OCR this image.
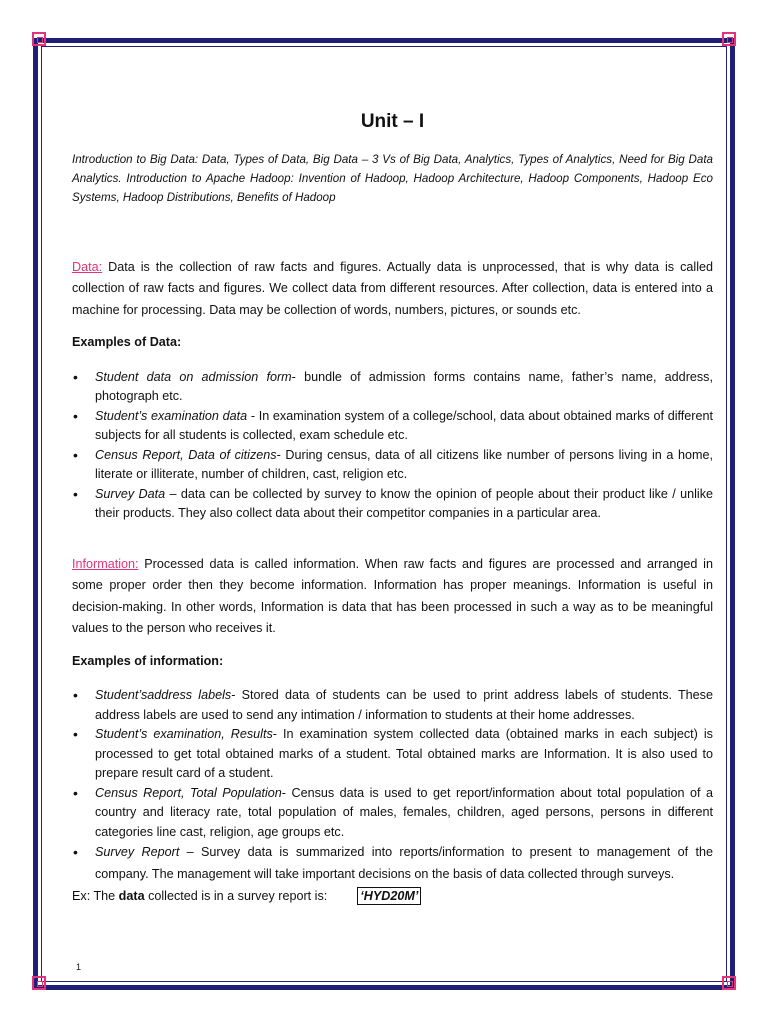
Unit – I

Introduction to Big Data: Data, Types of Data, Big Data – 3 Vs of Big Data, Analytics, Types of Analytics, Need for Big Data Analytics. Introduction to Apache Hadoop: Invention of Hadoop, Hadoop Architecture, Hadoop Components, Hadoop Eco Systems, Hadoop Distributions, Benefits of Hadoop

Data: Data is the collection of raw facts and figures. Actually data is unprocessed, that is why data is called collection of raw facts and figures. We collect data from different resources. After collection, data is entered into a machine for processing. Data may be collection of words, numbers, pictures, or sounds etc.

Examples of Data:

• Student data on admission form- bundle of admission forms contains name, father’s name, address, photograph etc.
• Student’s examination data - In examination system of a college/school, data about obtained marks of different subjects for all students is collected, exam schedule etc.
• Census Report, Data of citizens- During census, data of all citizens like number of persons living in a home, literate or illiterate, number of children, cast, religion etc.
• Survey Data – data can be collected by survey to know the opinion of people about their product like / unlike their products. They also collect data about their competitor companies in a particular area.

Information: Processed data is called information. When raw facts and figures are processed and arranged in some proper order then they become information. Information has proper meanings. Information is useful in decision-making. In other words, Information is data that has been processed in such a way as to be meaningful values to the person who receives it.

Examples of information:

• Student’saddress labels- Stored data of students can be used to print address labels of students. These address labels are used to send any intimation / information to students at their home addresses.
• Student’s examination, Results- In examination system collected data (obtained marks in each subject) is processed to get total obtained marks of a student. Total obtained marks are Information. It is also used to prepare result card of a student.
• Census Report, Total Population- Census data is used to get report/information about total population of a country and literacy rate, total population of males, females, children, aged persons, persons in different categories line cast, religion, age groups etc.
• Survey Report – Survey data is summarized into reports/information to present to management of the company. The management will take important decisions on the basis of data collected through surveys.

Ex: The data collected is in a survey report is:	‘HYD20M’

1
